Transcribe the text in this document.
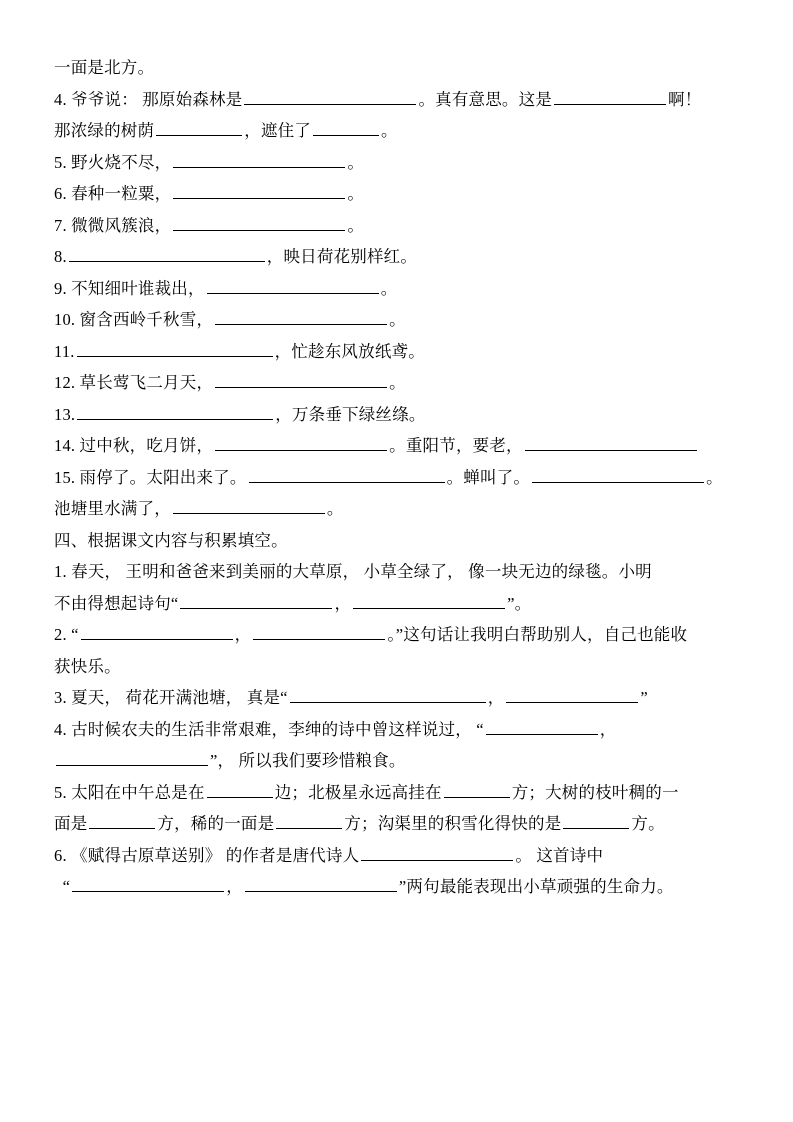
一面是北方。
4. 爷爷说： 那原始森林是	。真有意思。这是	啊！
那浓绿的树荫	，遮住了	。
5. 野火烧不尽，	。
6. 春种一粒粟，	。
7. 微微风簇浪，	。
8.	，映日荷花别样红。
9. 不知细叶谁裁出，	。
10. 窗含西岭千秋雪，	。
11.	，忙趁东风放纸鸢。
12. 草长莺飞二月天，	。
13.	，万条垂下绿丝绦。
14. 过中秋，吃月饼，	。重阳节，要老，
15. 雨停了。太阳出来了。	。蝉叫了。	。
池塘里水满了，	。
四、根据课文内容与积累填空。
1. 春天， 王明和爸爸来到美丽的大草原， 小草全绿了， 像一块无边的绿毯。小明
不由得想起诗句“	，	”。
2. “	，	。”这句话让我明白帮助别人，自己也能收
获快乐。
3. 夏天， 荷花开满池塘， 真是“	，	”
4. 古时候农夫的生活非常艰难，李绅的诗中曾这样说过， “	，
”， 所以我们要珍惜粮食。
5. 太阳在中午总是在	边；北极星永远高挂在	方；大树的枝叶稠的一
面是	方，稀的一面是	方；沟渠里的积雪化得快的是	方。
6. 《赋得古原草送别》 的作者是唐代诗人	。 这首诗中
“	，	”两句最能表现出小草顽强的生命力。
